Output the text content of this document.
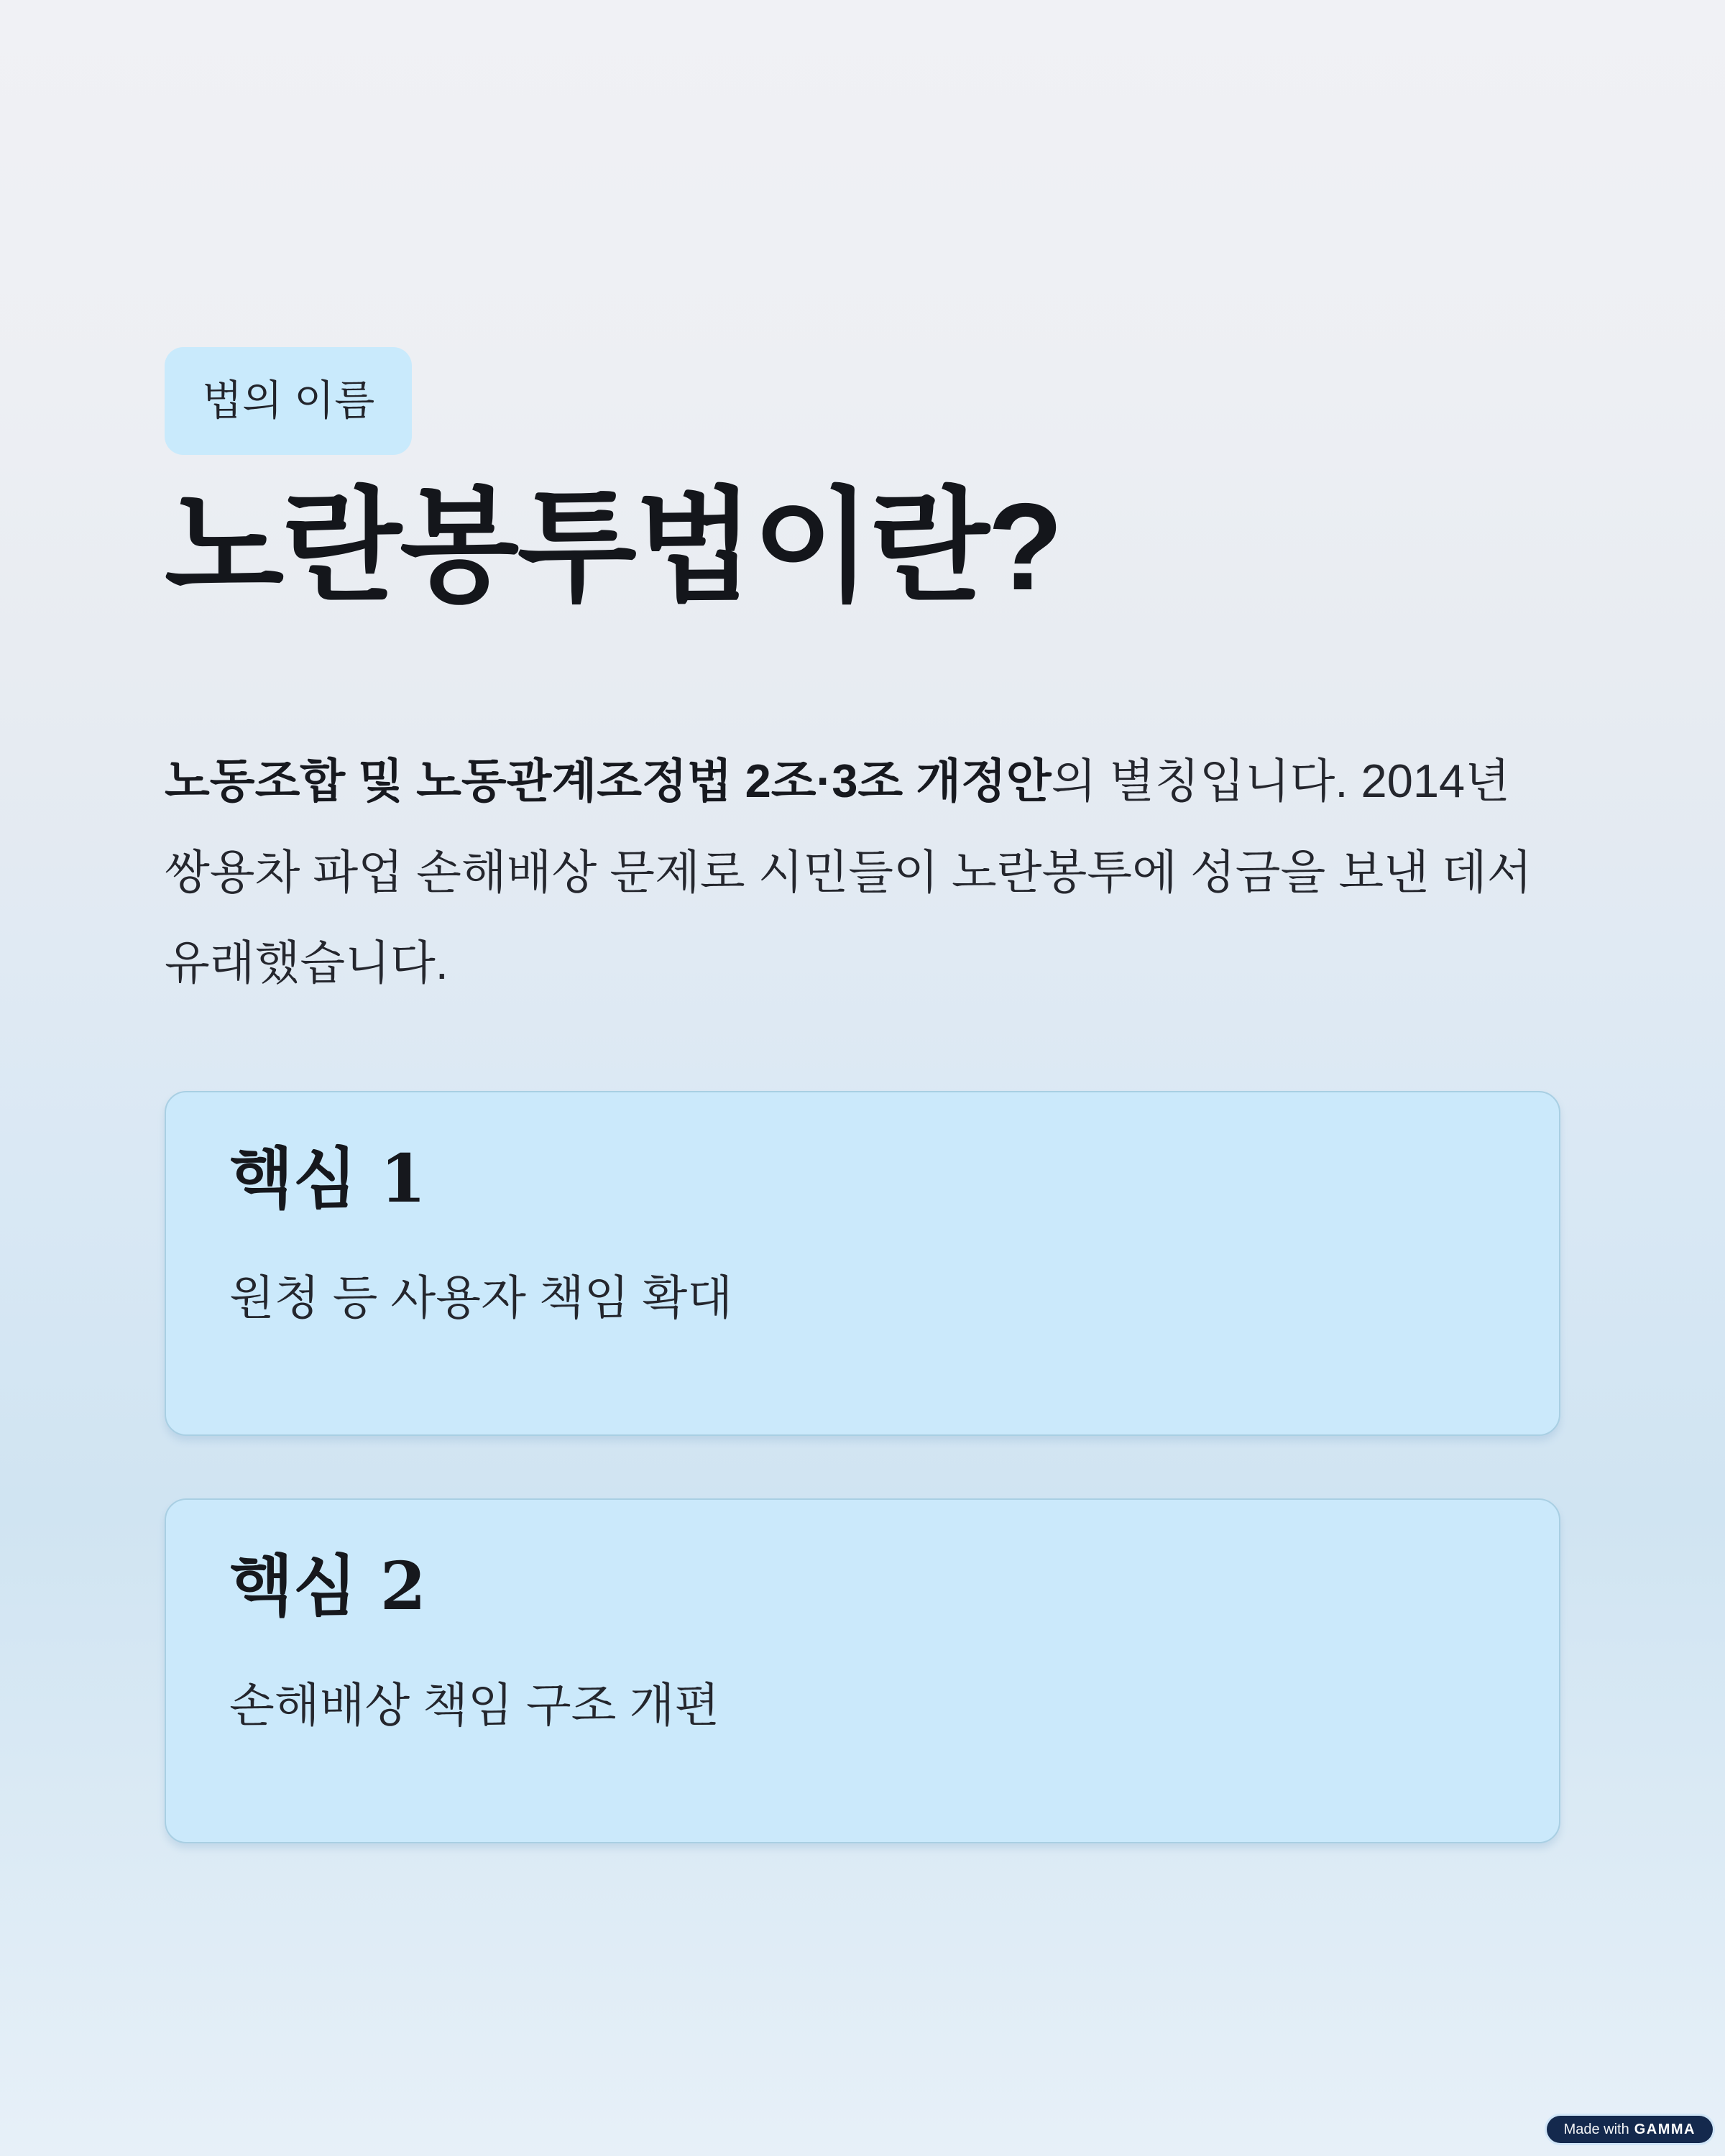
법의 이름
노란봉투법이란?

노동조합 및 노동관계조정법 2조·3조 개정안의 별칭입니다. 2014년 쌍용차 파업 손해배상 문제로 시민들이 노란봉투에 성금을 보낸 데서 유래했습니다.

핵심 1

원청 등 사용자 책임 확대

핵심 2

손해배상 책임 구조 개편

Made with GAMMA
